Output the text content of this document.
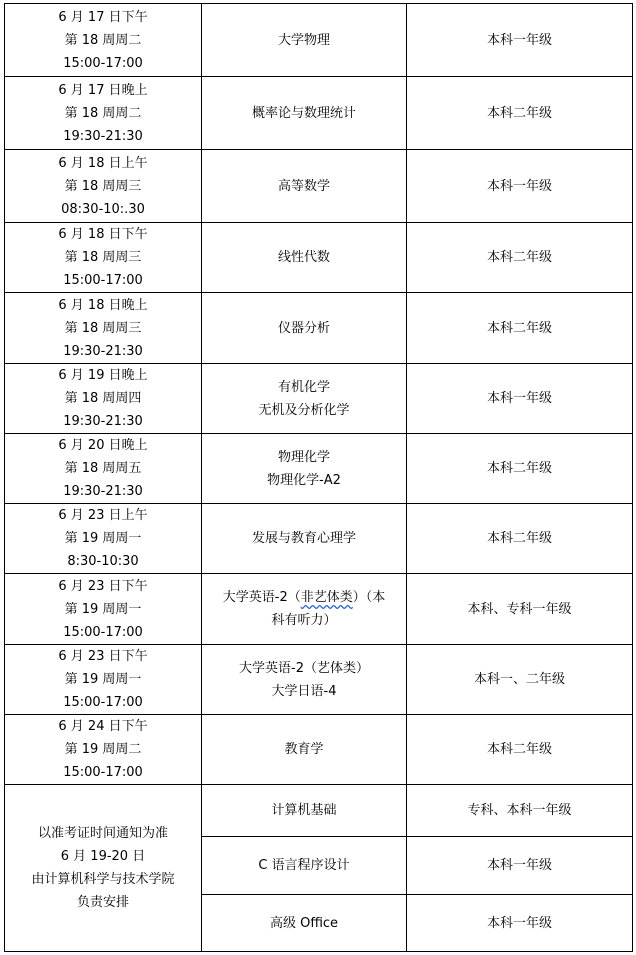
6 月 17 日下午
第 18 周周二
15:00-17:00	大学物理	本科一年级

6 月 17 日晚上
第 18 周周二
19:30-21:30	概率论与数理统计	本科二年级

6 月 18 日上午
第 18 周周三
08:30-10:.30	高等数学	本科一年级

6 月 18 日下午
第 18 周周三
15:00-17:00	线性代数	本科二年级

6 月 18 日晚上
第 18 周周三
19:30-21:30	仪器分析	本科二年级

6 月 19 日晚上
第 18 周周四
19:30-21:30	有机化学
无机及分析化学	本科一年级

6 月 20 日晚上
第 18 周周五
19:30-21:30	物理化学
物理化学-A2	本科二年级

6 月 23 日上午
第 19 周周一
8:30-10:30	发展与教育心理学	本科二年级

6 月 23 日下午
第 19 周周一
15:00-17:00	大学英语-2（非艺体类）（本
科有听力）	本科、专科一年级

6 月 23 日下午
第 19 周周一
15:00-17:00	大学英语-2（艺体类）
大学日语-4	本科一、二年级

6 月 24 日下午
第 19 周周二
15:00-17:00	教育学	本科二年级

以准考证时间通知为准
6 月 19-20 日
由计算机科学与技术学院
负责安排	计算机基础	专科、本科一年级
	C 语言程序设计	本科一年级
	高级 Office	本科一年级
